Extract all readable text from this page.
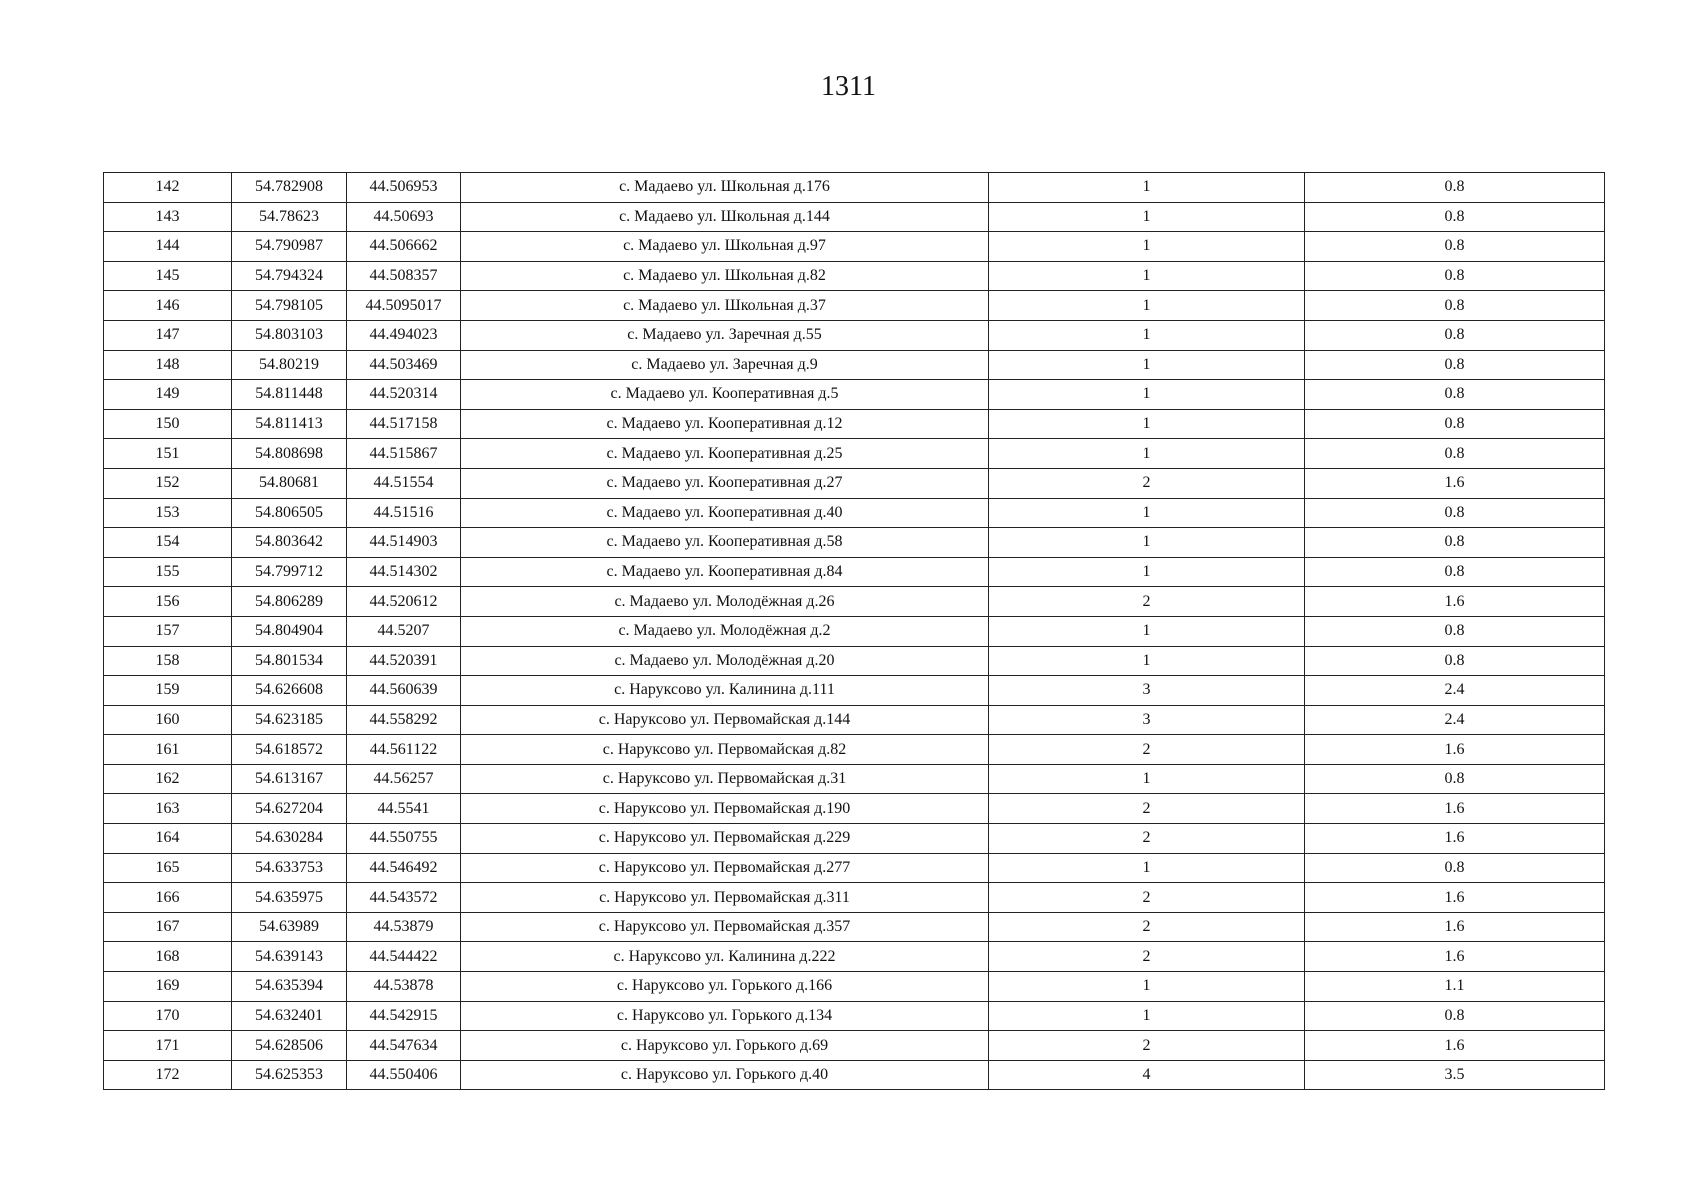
1311
142	54.782908	44.506953	с. Мадаево ул. Школьная д.176	1	0.8
143	54.78623	44.50693	с. Мадаево ул. Школьная д.144	1	0.8
144	54.790987	44.506662	с. Мадаево ул. Школьная д.97	1	0.8
145	54.794324	44.508357	с. Мадаево ул. Школьная д.82	1	0.8
146	54.798105	44.5095017	с. Мадаево ул. Школьная д.37	1	0.8
147	54.803103	44.494023	с. Мадаево ул. Заречная д.55	1	0.8
148	54.80219	44.503469	с. Мадаево ул. Заречная д.9	1	0.8
149	54.811448	44.520314	с. Мадаево ул. Кооперативная д.5	1	0.8
150	54.811413	44.517158	с. Мадаево ул. Кооперативная д.12	1	0.8
151	54.808698	44.515867	с. Мадаево ул. Кооперативная д.25	1	0.8
152	54.80681	44.51554	с. Мадаево ул. Кооперативная д.27	2	1.6
153	54.806505	44.51516	с. Мадаево ул. Кооперативная д.40	1	0.8
154	54.803642	44.514903	с. Мадаево ул. Кооперативная д.58	1	0.8
155	54.799712	44.514302	с. Мадаево ул. Кооперативная д.84	1	0.8
156	54.806289	44.520612	с. Мадаево ул. Молодёжная д.26	2	1.6
157	54.804904	44.5207	с. Мадаево ул. Молодёжная д.2	1	0.8
158	54.801534	44.520391	с. Мадаево ул. Молодёжная д.20	1	0.8
159	54.626608	44.560639	с. Наруксово ул. Калинина д.111	3	2.4
160	54.623185	44.558292	с. Наруксово ул. Первомайская д.144	3	2.4
161	54.618572	44.561122	с. Наруксово ул. Первомайская д.82	2	1.6
162	54.613167	44.56257	с. Наруксово ул. Первомайская д.31	1	0.8
163	54.627204	44.5541	с. Наруксово ул. Первомайская д.190	2	1.6
164	54.630284	44.550755	с. Наруксово ул. Первомайская д.229	2	1.6
165	54.633753	44.546492	с. Наруксово ул. Первомайская д.277	1	0.8
166	54.635975	44.543572	с. Наруксово ул. Первомайская д.311	2	1.6
167	54.63989	44.53879	с. Наруксово ул. Первомайская д.357	2	1.6
168	54.639143	44.544422	с. Наруксово ул. Калинина д.222	2	1.6
169	54.635394	44.53878	с. Наруксово ул. Горького д.166	1	1.1
170	54.632401	44.542915	с. Наруксово ул. Горького д.134	1	0.8
171	54.628506	44.547634	с. Наруксово ул. Горького д.69	2	1.6
172	54.625353	44.550406	с. Наруксово ул. Горького д.40	4	3.5
